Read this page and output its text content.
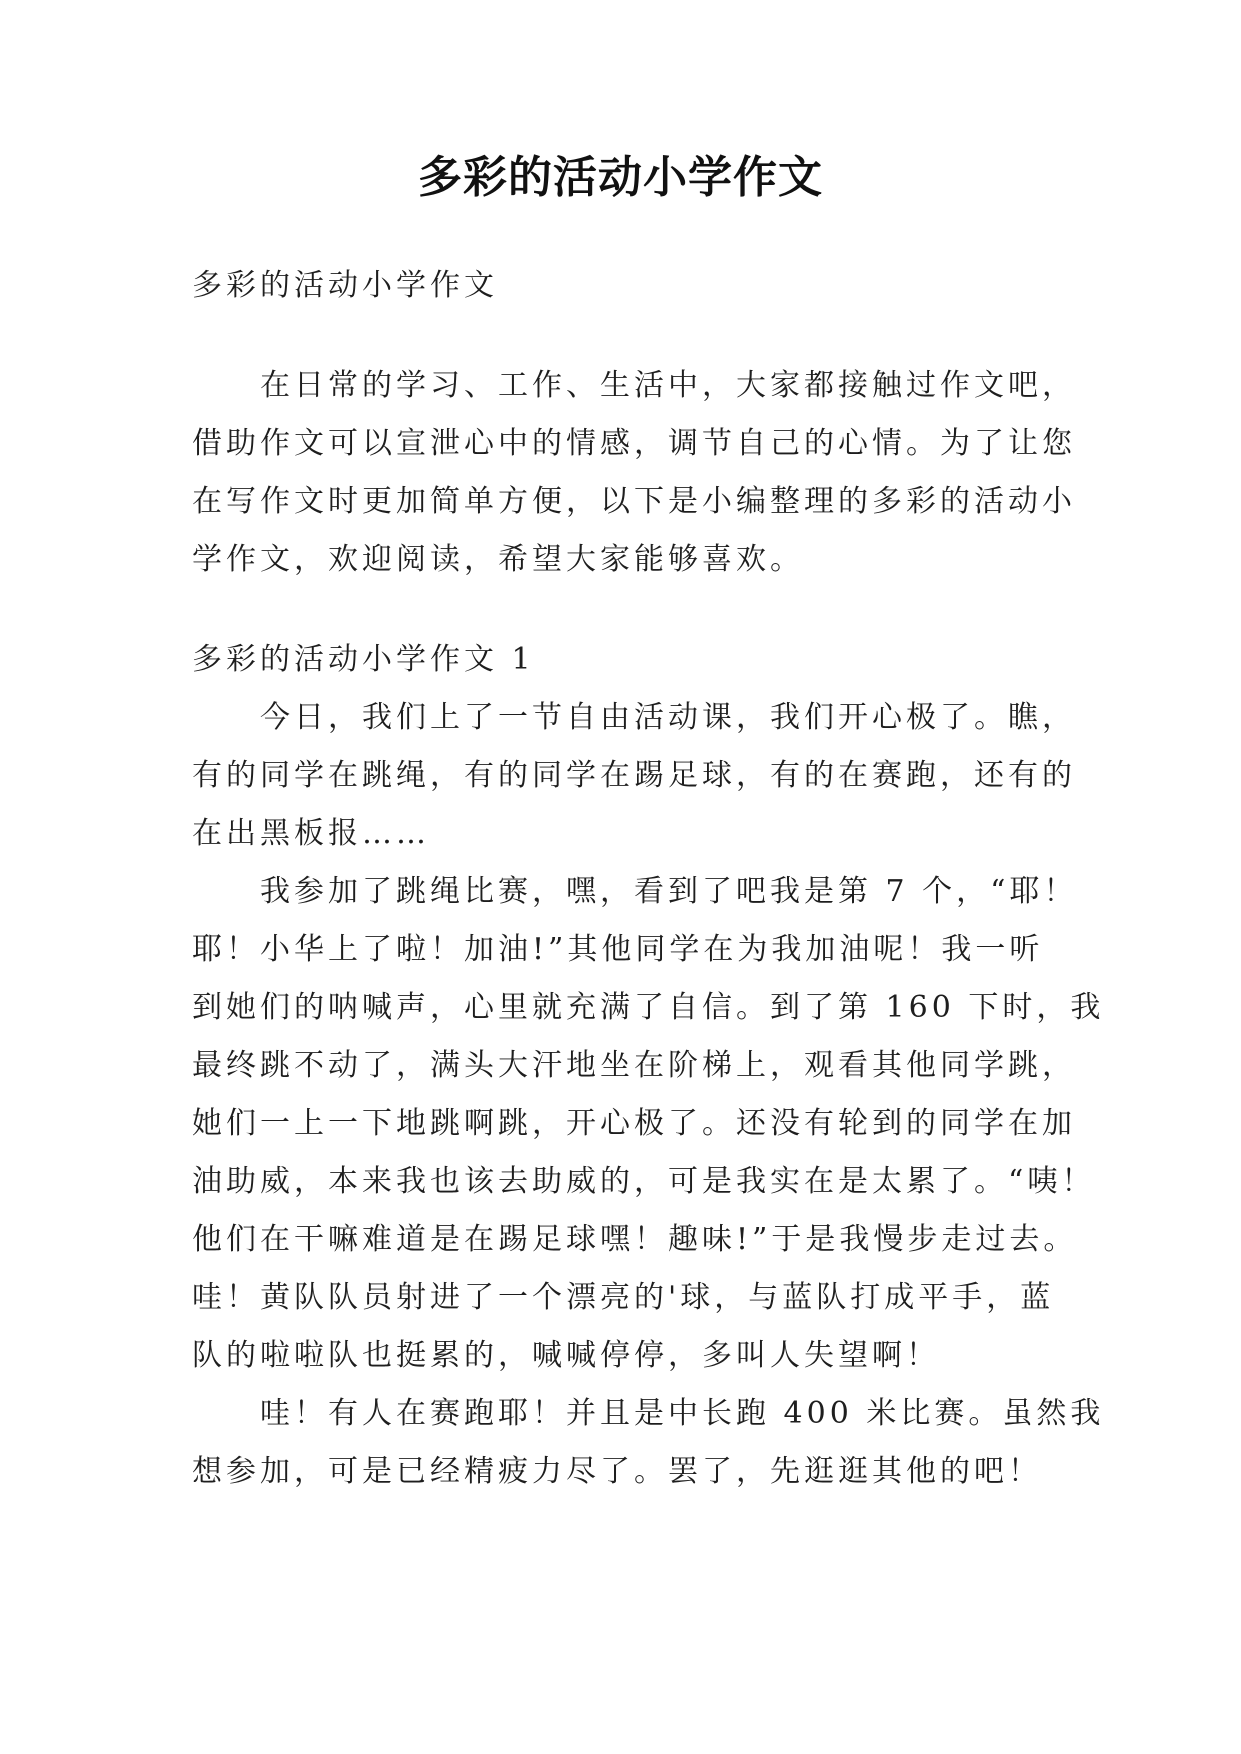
多彩的活动小学作文
多彩的活动小学作文
在日常的学习、工作、生活中，大家都接触过作文吧，
借助作文可以宣泄心中的情感，调节自己的心情。为了让您
在写作文时更加简单方便，以下是小编整理的多彩的活动小
学作文，欢迎阅读，希望大家能够喜欢。
多彩的活动小学作文 1
今日，我们上了一节自由活动课，我们开心极了。瞧，
有的同学在跳绳，有的同学在踢足球，有的在赛跑，还有的
在出黑板报……
我参加了跳绳比赛，嘿，看到了吧我是第 7 个，“耶！
耶！小华上了啦！加油!”其他同学在为我加油呢！我一听
到她们的呐喊声，心里就充满了自信。到了第 160 下时，我
最终跳不动了，满头大汗地坐在阶梯上，观看其他同学跳，
她们一上一下地跳啊跳，开心极了。还没有轮到的同学在加
油助威，本来我也该去助威的，可是我实在是太累了。“咦！
他们在干嘛难道是在踢足球嘿！趣味!”于是我慢步走过去。
哇！黄队队员射进了一个漂亮的'球，与蓝队打成平手，蓝
队的啦啦队也挺累的，喊喊停停，多叫人失望啊！
哇！有人在赛跑耶！并且是中长跑 400 米比赛。虽然我
想参加，可是已经精疲力尽了。罢了，先逛逛其他的吧！
